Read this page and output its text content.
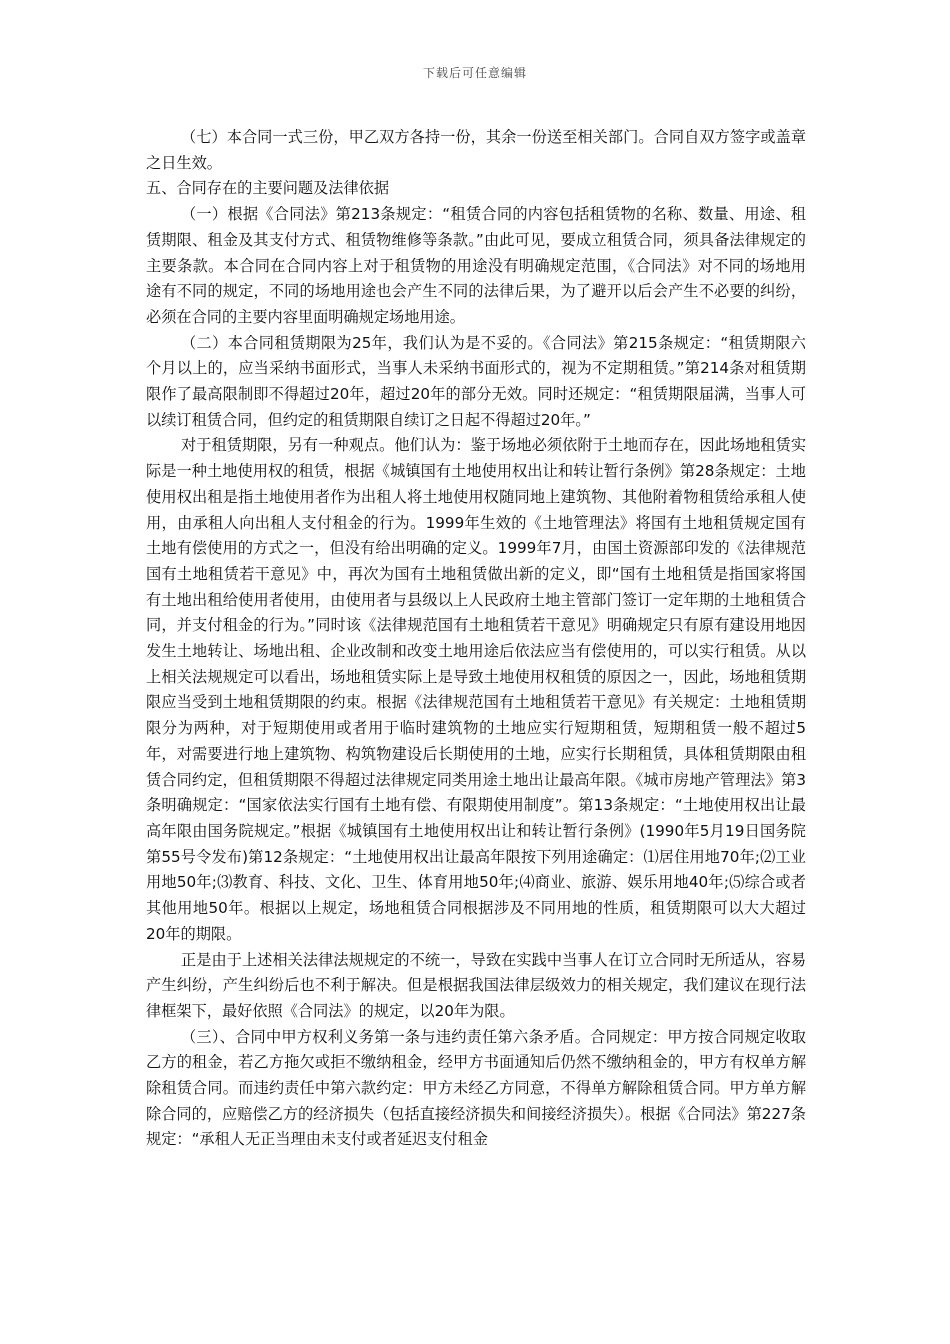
下载后可任意编辑

（七）本合同一式三份，甲乙双方各持一份，其余一份送至相关部门。合同自双方签字或盖章之日生效。

五、合同存在的主要问题及法律依据

（一）根据《合同法》第213条规定：“租赁合同的内容包括租赁物的名称、数量、用途、租赁期限、租金及其支付方式、租赁物维修等条款。”由此可见，要成立租赁合同，须具备法律规定的主要条款。本合同在合同内容上对于租赁物的用途没有明确规定范围，《合同法》对不同的场地用途有不同的规定，不同的场地用途也会产生不同的法律后果，为了避开以后会产生不必要的纠纷，必须在合同的主要内容里面明确规定场地用途。

（二）本合同租赁期限为25年，我们认为是不妥的。《合同法》第215条规定：“租赁期限六个月以上的，应当采纳书面形式，当事人未采纳书面形式的，视为不定期租赁。”第214条对租赁期限作了最高限制即不得超过20年，超过20年的部分无效。同时还规定：“租赁期限届满，当事人可以续订租赁合同，但约定的租赁期限自续订之日起不得超过20年。”

对于租赁期限，另有一种观点。他们认为：鉴于场地必须依附于土地而存在，因此场地租赁实际是一种土地使用权的租赁，根据《城镇国有土地使用权出让和转让暂行条例》第28条规定：土地使用权出租是指土地使用者作为出租人将土地使用权随同地上建筑物、其他附着物租赁给承租人使用，由承租人向出租人支付租金的行为。1999年生效的《土地管理法》将国有土地租赁规定国有土地有偿使用的方式之一，但没有给出明确的定义。1999年7月，由国土资源部印发的《法律规范国有土地租赁若干意见》中，再次为国有土地租赁做出新的定义，即“国有土地租赁是指国家将国有土地出租给使用者使用，由使用者与县级以上人民政府土地主管部门签订一定年期的土地租赁合同，并支付租金的行为。”同时该《法律规范国有土地租赁若干意见》明确规定只有原有建设用地因发生土地转让、场地出租、企业改制和改变土地用途后依法应当有偿使用的，可以实行租赁。从以上相关法规规定可以看出，场地租赁实际上是导致土地使用权租赁的原因之一，因此，场地租赁期限应当受到土地租赁期限的约束。根据《法律规范国有土地租赁若干意见》有关规定：土地租赁期限分为两种，对于短期使用或者用于临时建筑物的土地应实行短期租赁，短期租赁一般不超过5年，对需要进行地上建筑物、构筑物建设后长期使用的土地，应实行长期租赁，具体租赁期限由租赁合同约定，但租赁期限不得超过法律规定同类用途土地出让最高年限。《城市房地产管理法》第3条明确规定：“国家依法实行国有土地有偿、有限期使用制度”。第13条规定：“土地使用权出让最高年限由国务院规定。”根据《城镇国有土地使用权出让和转让暂行条例》(1990年5月19日国务院第55号令发布)第12条规定：“土地使用权出让最高年限按下列用途确定：⑴居住用地70年;⑵工业用地50年;⑶教育、科技、文化、卫生、体育用地50年;⑷商业、旅游、娱乐用地40年;⑸综合或者其他用地50年。根据以上规定，场地租赁合同根据涉及不同用地的性质，租赁期限可以大大超过20年的期限。

正是由于上述相关法律法规规定的不统一，导致在实践中当事人在订立合同时无所适从，容易产生纠纷，产生纠纷后也不利于解决。但是根据我国法律层级效力的相关规定，我们建议在现行法律框架下，最好依照《合同法》的规定，以20年为限。

（三）、合同中甲方权利义务第一条与违约责任第六条矛盾。合同规定：甲方按合同规定收取乙方的租金，若乙方拖欠或拒不缴纳租金，经甲方书面通知后仍然不缴纳租金的，甲方有权单方解除租赁合同。而违约责任中第六款约定：甲方未经乙方同意，不得单方解除租赁合同。甲方单方解除合同的，应赔偿乙方的经济损失（包括直接经济损失和间接经济损失）。根据《合同法》第227条规定：“承租人无正当理由未支付或者延迟支付租金
